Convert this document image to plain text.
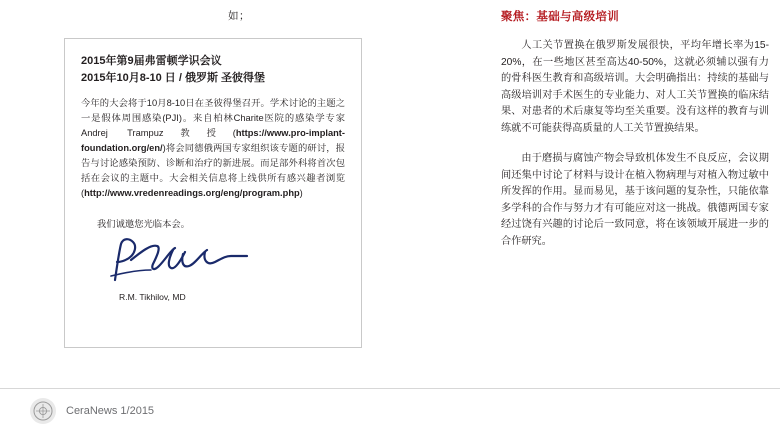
如；
2015年第9届弗雷顿学识会议
2015年10月8-10 日 / 俄罗斯 圣彼得堡

今年的大会将于10月8-10日在圣彼得堡召开。学术讨论的主题之一是假体周围感染(PJI)。来自柏林Charite医院的感染学专家Andrej Trampuz教授(https://www.pro-implant-foundation.org/en/)将会同德俄两国专家组织该专题的研讨，报告与讨论感染预防、诊断和治疗的新进展。而足部外科将首次包括在会议的主题中。大会相关信息将上线供所有感兴趣者浏览(http://www.vredenreadings.org/eng/program.php)

我们诚邀您光临本会。

R.M. Tikhilov, MD
聚焦：基础与高级培训

人工关节置换在俄罗斯发展很快，平均年增长率为15-20%，在一些地区甚至高达40-50%，这就必须辅以强有力的骨科医生教育和高级培训。大会明确指出：持续的基础与高级培训对手术医生的专业能力、对人工关节置换的临床结果、对患者的术后康复等均至关重要。没有这样的教育与训练就不可能获得高质量的人工关节置换结果。

由于磨损与腐蚀产物会导致机体发生不良反应，会议期间还集中讨论了材料与设计在植入物病理与对植入物过敏中所发挥的作用。显而易见，基于该问题的复杂性，只能依靠多学科的合作与努力才有可能应对这一挑战。俄德两国专家经过饶有兴趣的讨论后一致同意，将在该领域开展进一步的合作研究。

CeraNews 1/2015
